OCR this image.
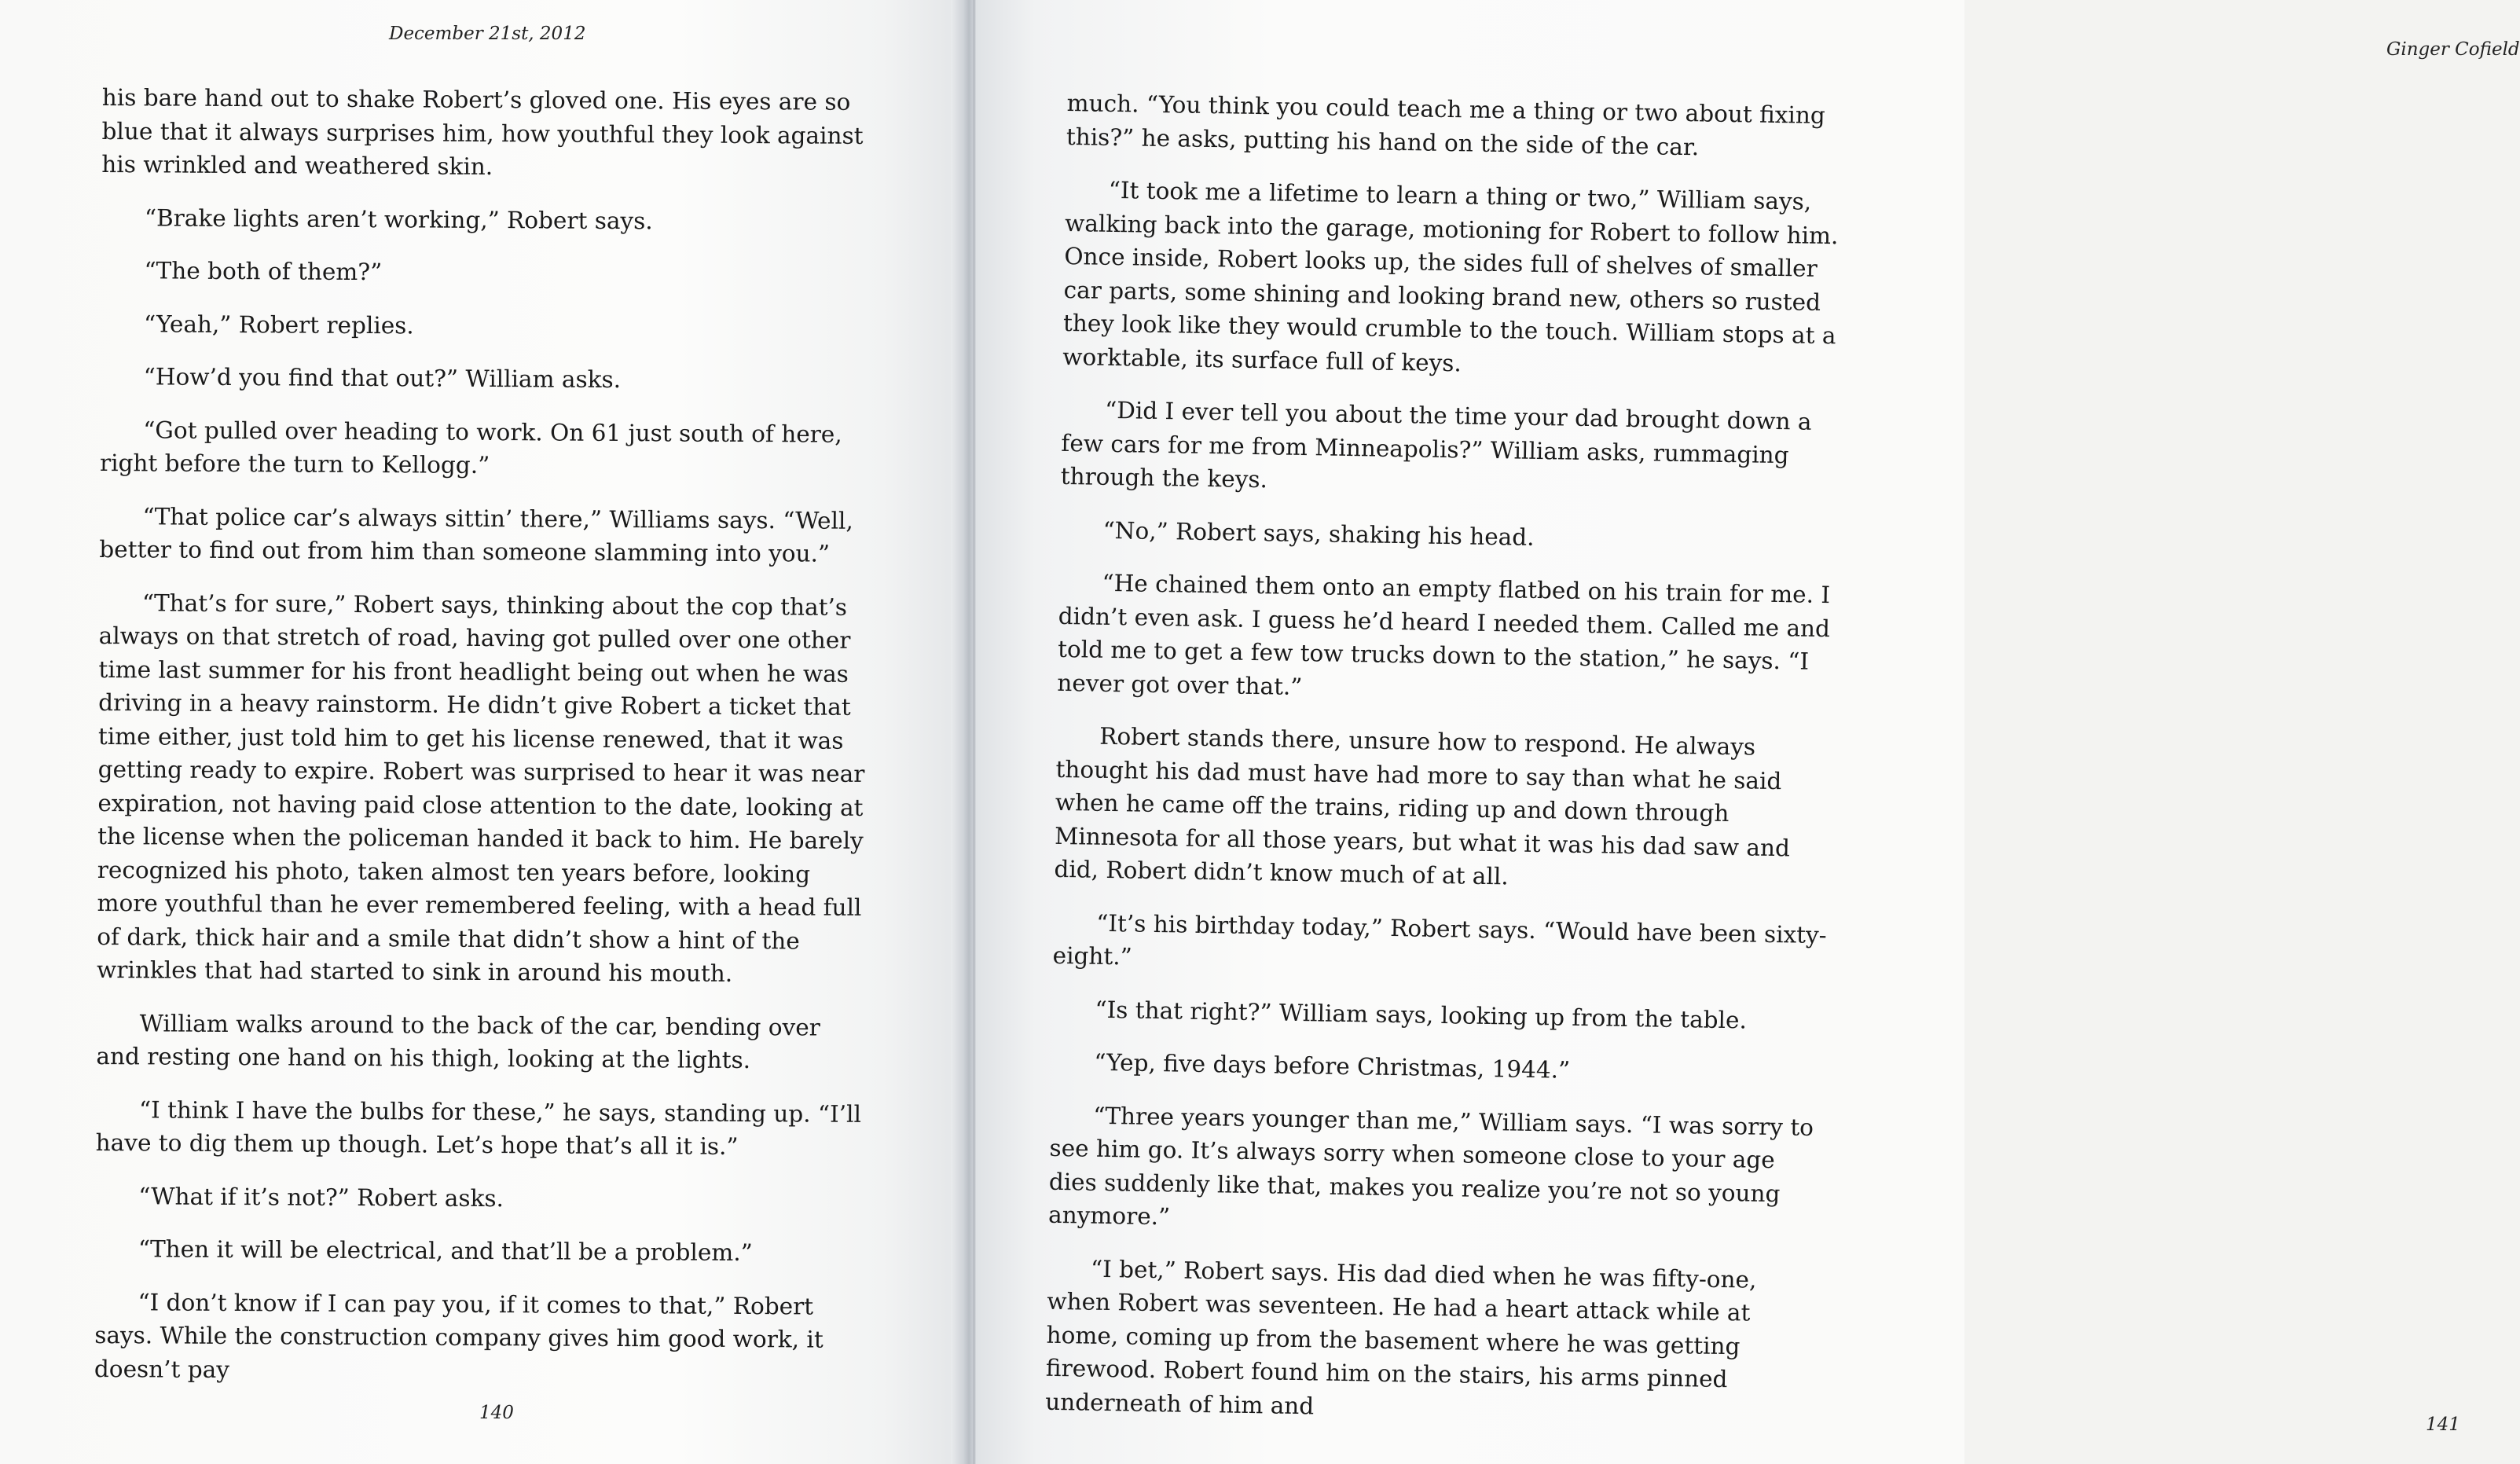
December 21st, 2012

his bare hand out to shake Robert’s gloved one. His eyes are so blue that it always surprises him, how youthful they look against his wrinkled and weathered skin.

“Brake lights aren’t working,” Robert says.

“The both of them?”

“Yeah,” Robert replies.

“How’d you find that out?” William asks.

“Got pulled over heading to work. On 61 just south of here, right before the turn to Kellogg.”

“That police car’s always sittin’ there,” Williams says. “Well, better to find out from him than someone slamming into you.”

“That’s for sure,” Robert says, thinking about the cop that’s always on that stretch of road, having got pulled over one other time last summer for his front headlight being out when he was driving in a heavy rainstorm. He didn’t give Robert a ticket that time either, just told him to get his license renewed, that it was getting ready to expire. Robert was surprised to hear it was near expiration, not having paid close attention to the date, looking at the license when the policeman handed it back to him. He barely recognized his photo, taken almost ten years before, looking more youthful than he ever remembered feeling, with a head full of dark, thick hair and a smile that didn’t show a hint of the wrinkles that had started to sink in around his mouth.

William walks around to the back of the car, bending over and resting one hand on his thigh, looking at the lights.

“I think I have the bulbs for these,” he says, standing up. “I’ll have to dig them up though. Let’s hope that’s all it is.”

“What if it’s not?” Robert asks.

“Then it will be electrical, and that’ll be a problem.”

“I don’t know if I can pay you, if it comes to that,” Robert says. While the construction company gives him good work, it doesn’t pay

140
Ginger Cofield
141

much. “You think you could teach me a thing or two about fixing this?” he asks, putting his hand on the side of the car.

“It took me a lifetime to learn a thing or two,” William says, walking back into the garage, motioning for Robert to follow him. Once inside, Robert looks up, the sides full of shelves of smaller car parts, some shining and looking brand new, others so rusted they look like they would crumble to the touch. William stops at a worktable, its surface full of keys.

“Did I ever tell you about the time your dad brought down a few cars for me from Minneapolis?” William asks, rummaging through the keys.

“No,” Robert says, shaking his head.

“He chained them onto an empty flatbed on his train for me. I didn’t even ask. I guess he’d heard I needed them. Called me and told me to get a few tow trucks down to the station,” he says. “I never got over that.”

Robert stands there, unsure how to respond. He always thought his dad must have had more to say than what he said when he came off the trains, riding up and down through Minnesota for all those years, but what it was his dad saw and did, Robert didn’t know much of at all.

“It’s his birthday today,” Robert says. “Would have been sixty-eight.”

“Is that right?” William says, looking up from the table.

“Yep, five days before Christmas, 1944.”

“Three years younger than me,” William says. “I was sorry to see him go. It’s always sorry when someone close to your age dies suddenly like that, makes you realize you’re not so young anymore.”

“I bet,” Robert says. His dad died when he was fifty-one, when Robert was seventeen. He had a heart attack while at home, coming up from the basement where he was getting firewood. Robert found him on the stairs, his arms pinned underneath of him and
